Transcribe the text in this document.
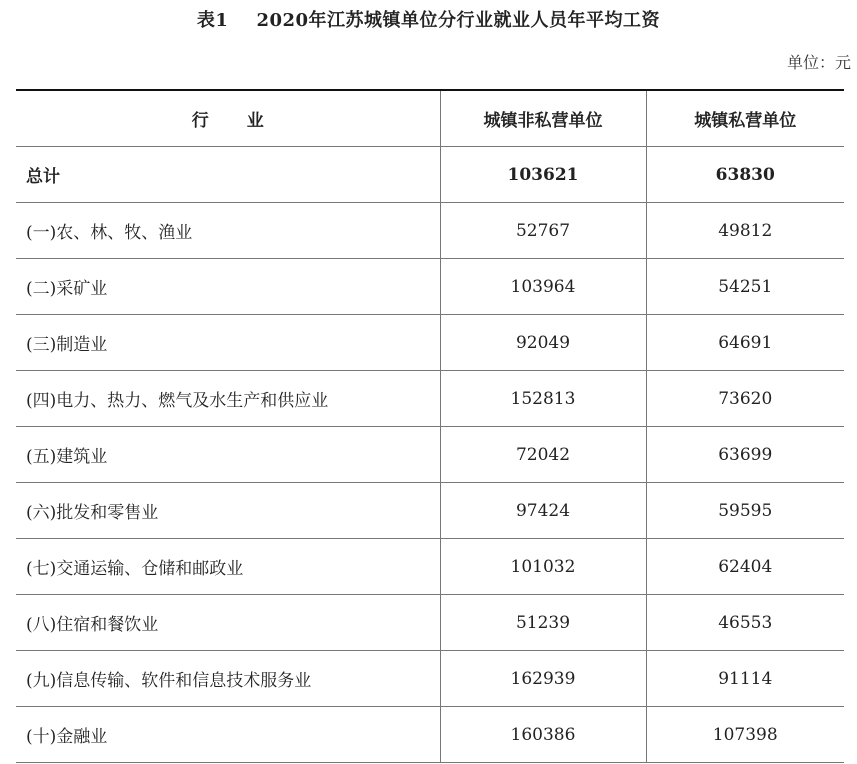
表1 2020年江苏城镇单位分行业就业人员年平均工资
单位：元
行 业	城镇非私营单位	城镇私营单位
总计	103621	63830
(一)农、林、牧、渔业	52767	49812
(二)采矿业	103964	54251
(三)制造业	92049	64691
(四)电力、热力、燃气及水生产和供应业	152813	73620
(五)建筑业	72042	63699
(六)批发和零售业	97424	59595
(七)交通运输、仓储和邮政业	101032	62404
(八)住宿和餐饮业	51239	46553
(九)信息传输、软件和信息技术服务业	162939	91114
(十)金融业	160386	107398
